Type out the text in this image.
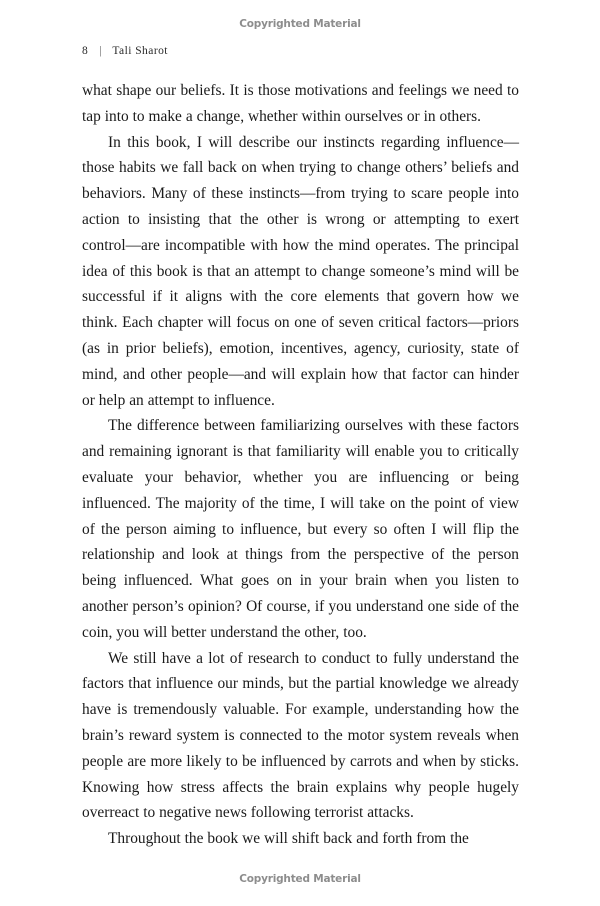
Copyrighted Material
8 | Tali Sharot

what shape our beliefs. It is those motivations and feelings we need to tap into to make a change, whether within ourselves or in others.

In this book, I will describe our instincts regarding influence—those habits we fall back on when trying to change others’ beliefs and behaviors. Many of these instincts—from trying to scare people into action to insisting that the other is wrong or attempting to exert control—are incompatible with how the mind operates. The principal idea of this book is that an attempt to change someone’s mind will be successful if it aligns with the core elements that govern how we think. Each chapter will focus on one of seven critical factors—priors (as in prior beliefs), emotion, incentives, agency, curiosity, state of mind, and other people—and will explain how that factor can hinder or help an attempt to influence.

The difference between familiarizing ourselves with these factors and remaining ignorant is that familiarity will enable you to critically evaluate your behavior, whether you are influencing or being influenced. The majority of the time, I will take on the point of view of the person aiming to influence, but every so often I will flip the relationship and look at things from the perspective of the person being influenced. What goes on in your brain when you listen to another person’s opinion? Of course, if you understand one side of the coin, you will better understand the other, too.

We still have a lot of research to conduct to fully understand the factors that influence our minds, but the partial knowledge we already have is tremendously valuable. For example, understanding how the brain’s reward system is connected to the motor system reveals when people are more likely to be influenced by carrots and when by sticks. Knowing how stress affects the brain explains why people hugely overreact to negative news following terrorist attacks.

Throughout the book we will shift back and forth from the

Copyrighted Material
